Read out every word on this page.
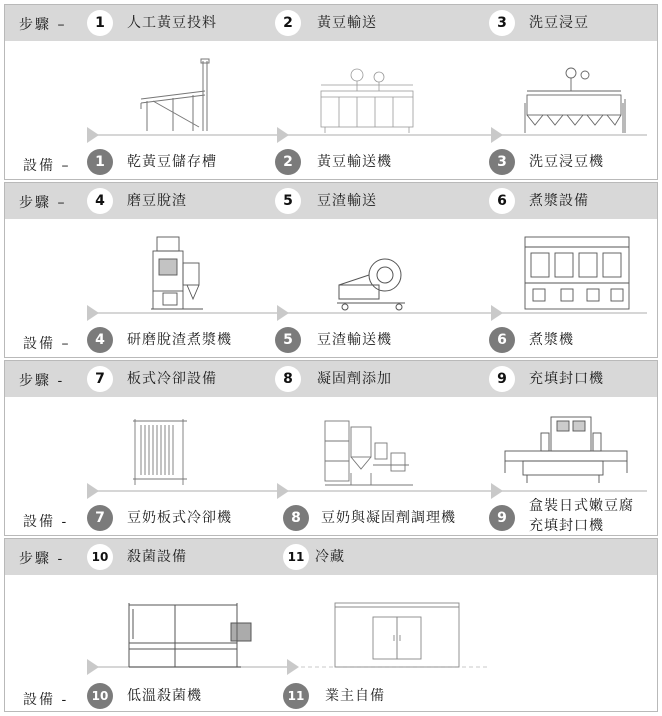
步驟 –	1	人工黃豆投料	2	黃豆輸送	3	洗豆浸豆
設備 –	1	乾黃豆儲存槽	2	黃豆輸送機	3	洗豆浸豆機
步驟 –	4	磨豆脫渣	5	豆渣輸送	6	煮漿設備
設備 –	4	研磨脫渣煮漿機	5	豆渣輸送機	6	煮漿機
步驟 -	7	板式冷卻設備	8	凝固劑添加	9	充填封口機
設備 -	7	豆奶板式冷卻機	8	豆奶與凝固劑調理機	9
盒裝日式嫩豆腐
充填封口機
步驟 -	10	殺菌設備	11 冷藏
設備 -	10	低溫殺菌機	11	業主自備
